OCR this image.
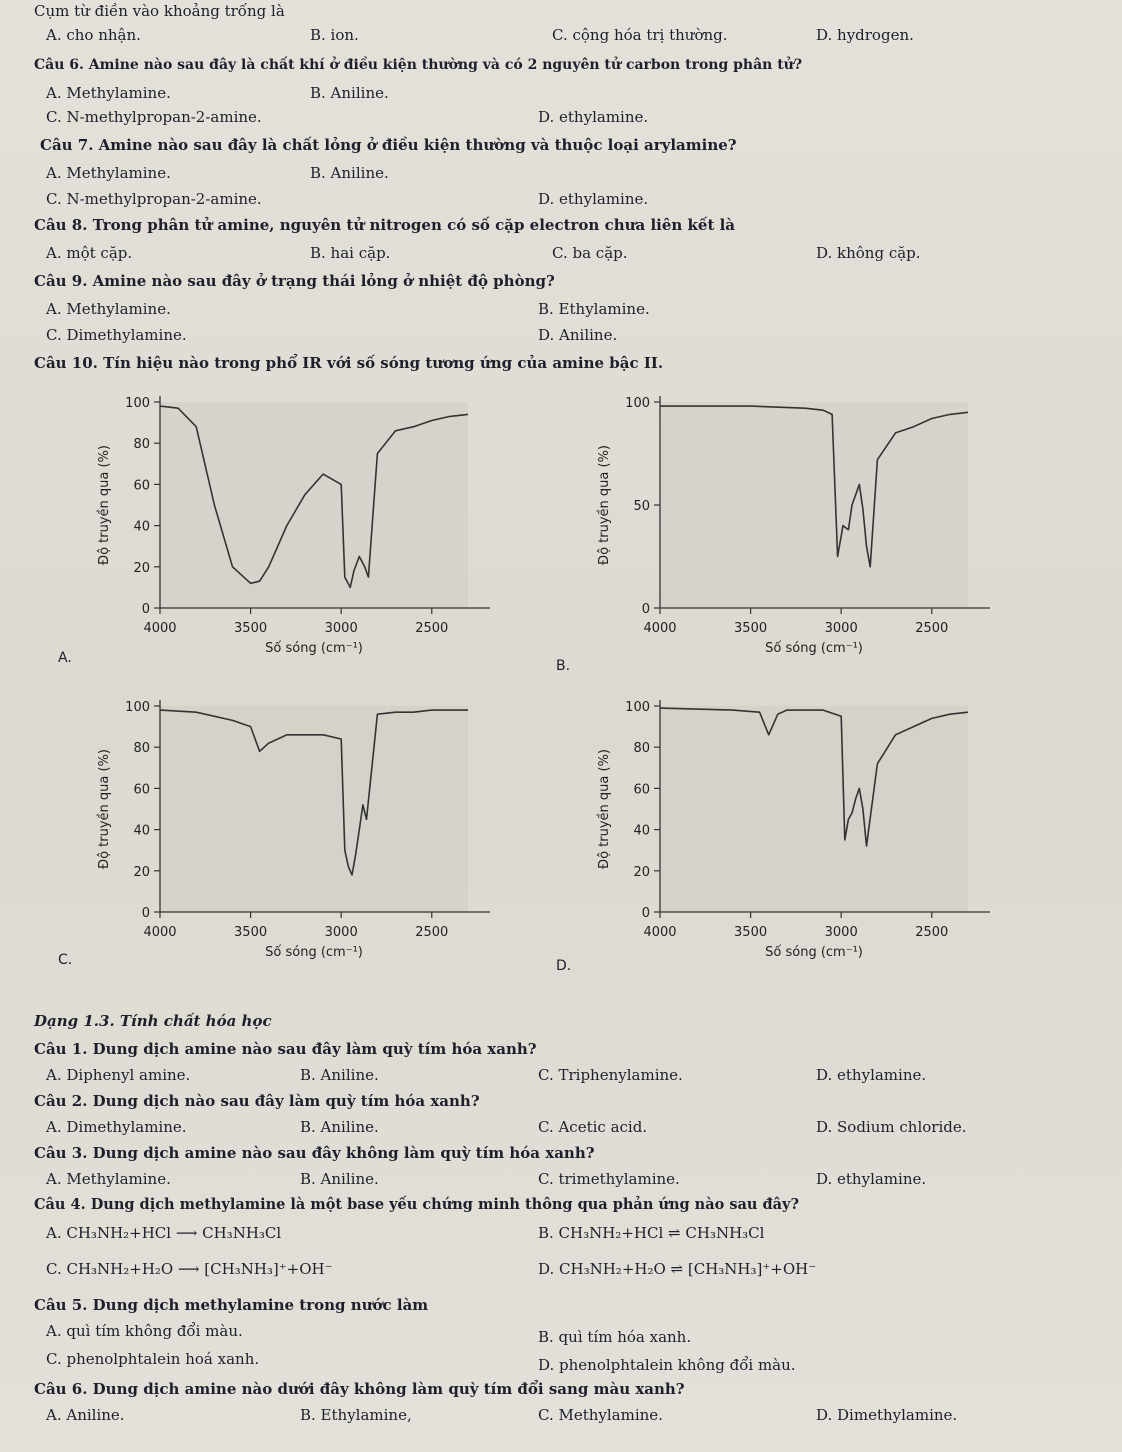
Cụm từ điền vào khoảng trống là
A. cho nhận.	B. ion.	C. cộng hóa trị thường.	D. hydrogen.
Câu 6. Amine nào sau đây là chất khí ở điều kiện thường và có 2 nguyên tử carbon trong phân tử?
A. Methylamine.	B. Aniline.
C. N-methylpropan-2-amine.	D. ethylamine.
Câu 7. Amine nào sau đây là chất lỏng ở điều kiện thường và thuộc loại arylamine?
A. Methylamine.	B. Aniline.
C. N-methylpropan-2-amine.	D. ethylamine.
Câu 8. Trong phân tử amine, nguyên tử nitrogen có số cặp electron chưa liên kết là
A. một cặp.	B. hai cặp.	C. ba cặp.	D. không cặp.
Câu 9. Amine nào sau đây ở trạng thái lỏng ở nhiệt độ phòng?
A. Methylamine.	B. Ethylamine.
C. Dimethylamine.	D. Aniline.
Câu 10. Tín hiệu nào trong phổ IR với số sóng tương ứng của amine bậc II.
0
20
40
60
80
100
4000	3500	3000	2500
Số sóng (cm⁻¹)
Độ truyền qua (%)
0
50
100
4000	3500	3000	2500
Số sóng (cm⁻¹)
Độ truyền qua (%)
0
20
40
60
80
100
4000	3500	3000	2500
Số sóng (cm⁻¹)
Độ truyền qua (%)
0
20
40
60
80
100
4000	3500	3000	2500
Số sóng (cm⁻¹)
Độ truyền qua (%)
A.	B.
C.	D.
Dạng 1.3. Tính chất hóa học
Câu 1. Dung dịch amine nào sau đây làm quỳ tím hóa xanh?
A. Diphenyl amine.	B. Aniline.	C. Triphenylamine.	D. ethylamine.
Câu 2. Dung dịch nào sau đây làm quỳ tím hóa xanh?
A. Dimethylamine.	B. Aniline.	C. Acetic acid.	D. Sodium chloride.
Câu 3. Dung dịch amine nào sau đây không làm quỳ tím hóa xanh?
A. Methylamine.	B. Aniline.	C. trimethylamine.	D. ethylamine.
Câu 4. Dung dịch methylamine là một base yếu chứng minh thông qua phản ứng nào sau đây?
A. CH₃NH₂+HCl ⟶ CH₃NH₃Cl	B. CH₃NH₂+HCl ⇌ CH₃NH₃Cl
C. CH₃NH₂+H₂O ⟶ [CH₃NH₃]⁺+OH⁻	D. CH₃NH₂+H₂O ⇌ [CH₃NH₃]⁺+OH⁻
Câu 5. Dung dịch methylamine trong nước làm
A. quì tím không đổi màu.	B. quì tím hóa xanh.
C. phenolphtalein hoá xanh.	D. phenolphtalein không đổi màu.
Câu 6. Dung dịch amine nào dưới đây không làm quỳ tím đổi sang màu xanh?
A. Aniline.	B. Ethylamine,	C. Methylamine.	D. Dimethylamine.
